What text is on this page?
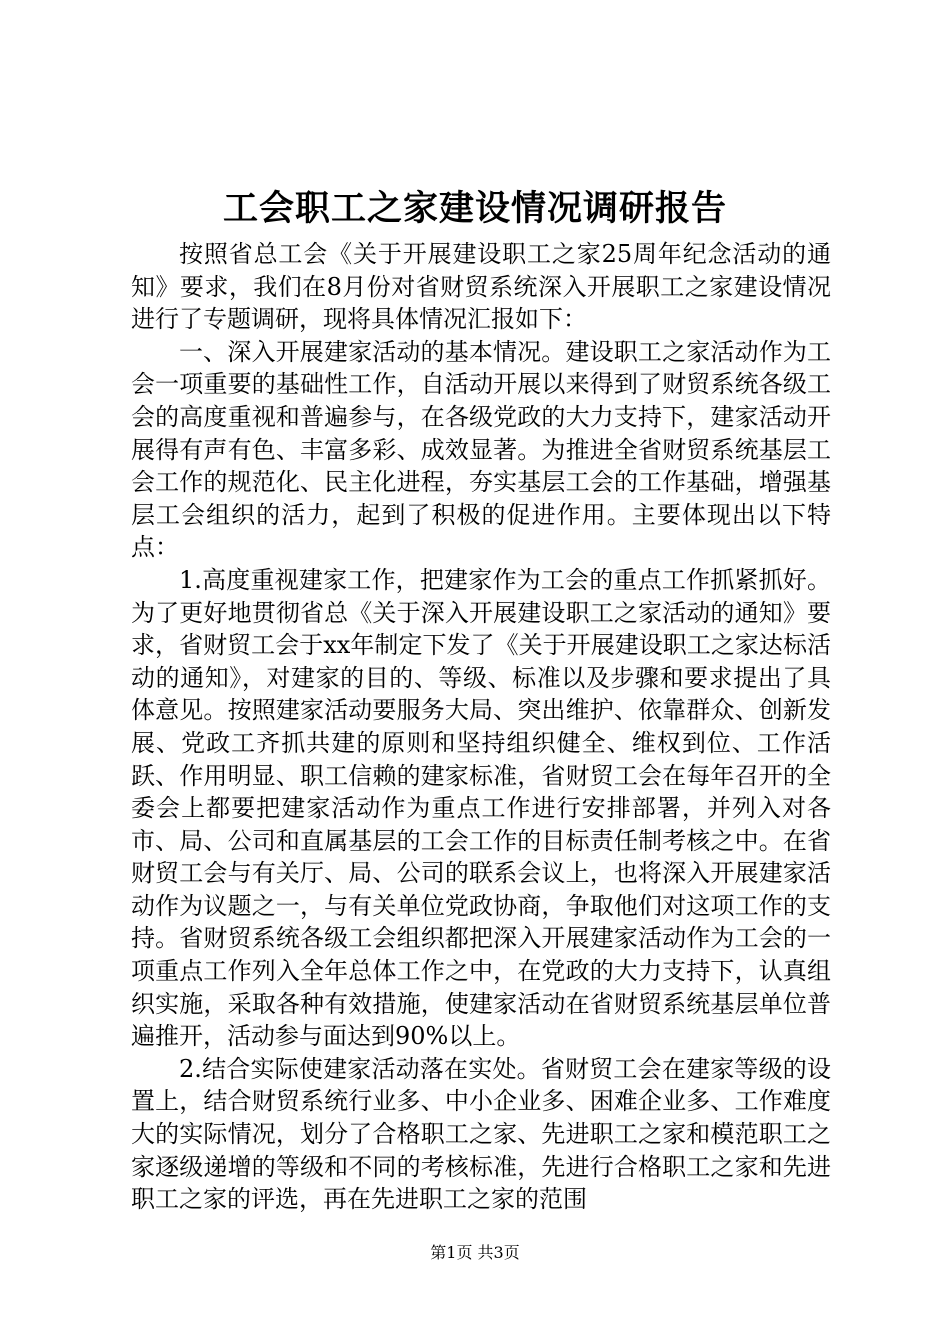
工会职工之家建设情况调研报告

按照省总工会《关于开展建设职工之家25周年纪念活动的通知》要求，我们在8月份对省财贸系统深入开展职工之家建设情况进行了专题调研，现将具体情况汇报如下：

一、深入开展建家活动的基本情况。建设职工之家活动作为工会一项重要的基础性工作，自活动开展以来得到了财贸系统各级工会的高度重视和普遍参与，在各级党政的大力支持下，建家活动开展得有声有色、丰富多彩、成效显著。为推进全省财贸系统基层工会工作的规范化、民主化进程，夯实基层工会的工作基础，增强基层工会组织的活力，起到了积极的促进作用。主要体现出以下特点：

1.高度重视建家工作，把建家作为工会的重点工作抓紧抓好。为了更好地贯彻省总《关于深入开展建设职工之家活动的通知》要求，省财贸工会于xx年制定下发了《关于开展建设职工之家达标活动的通知》，对建家的目的、等级、标准以及步骤和要求提出了具体意见。按照建家活动要服务大局、突出维护、依靠群众、创新发展、党政工齐抓共建的原则和坚持组织健全、维权到位、工作活跃、作用明显、职工信赖的建家标准，省财贸工会在每年召开的全委会上都要把建家活动作为重点工作进行安排部署，并列入对各市、局、公司和直属基层的工会工作的目标责任制考核之中。在省财贸工会与有关厅、局、公司的联系会议上，也将深入开展建家活动作为议题之一，与有关单位党政协商，争取他们对这项工作的支持。省财贸系统各级工会组织都把深入开展建家活动作为工会的一项重点工作列入全年总体工作之中，在党政的大力支持下，认真组织实施，采取各种有效措施，使建家活动在省财贸系统基层单位普遍推开，活动参与面达到90%以上。

2.结合实际使建家活动落在实处。省财贸工会在建家等级的设置上，结合财贸系统行业多、中小企业多、困难企业多、工作难度大的实际情况，划分了合格职工之家、先进职工之家和模范职工之家逐级递增的等级和不同的考核标准，先进行合格职工之家和先进职工之家的评选，再在先进职工之家的范围

第1页 共3页
